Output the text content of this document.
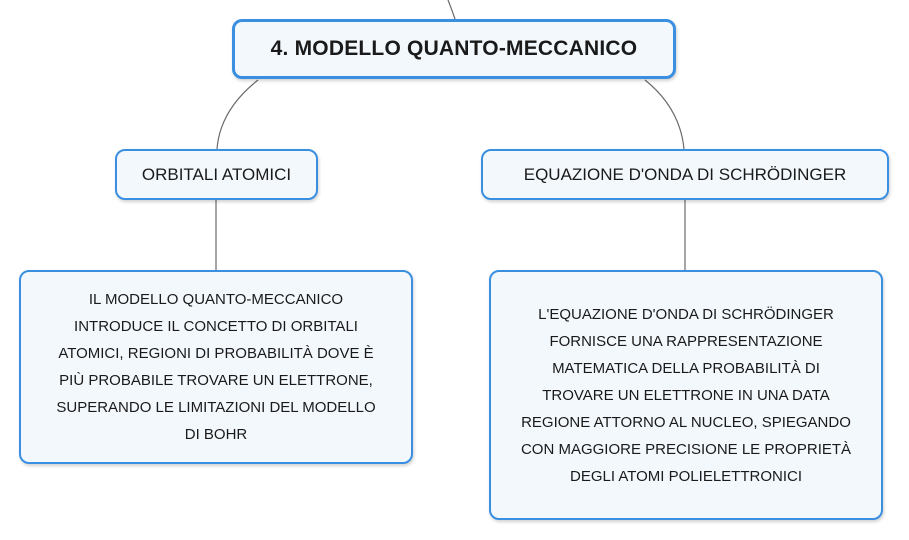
4. MODELLO QUANTO-MECCANICO
ORBITALI ATOMICI	EQUAZIONE D'ONDA DI SCHRÖDINGER
IL MODELLO QUANTO-MECCANICO
INTRODUCE IL CONCETTO DI ORBITALI
ATOMICI, REGIONI DI PROBABILITÀ DOVE È
PIÙ PROBABILE TROVARE UN ELETTRONE,
SUPERANDO LE LIMITAZIONI DEL MODELLO
DI BOHR
L'EQUAZIONE D'ONDA DI SCHRÖDINGER
FORNISCE UNA RAPPRESENTAZIONE
MATEMATICA DELLA PROBABILITÀ DI
TROVARE UN ELETTRONE IN UNA DATA
REGIONE ATTORNO AL NUCLEO, SPIEGANDO
CON MAGGIORE PRECISIONE LE PROPRIETÀ
DEGLI ATOMI POLIELETTRONICI
